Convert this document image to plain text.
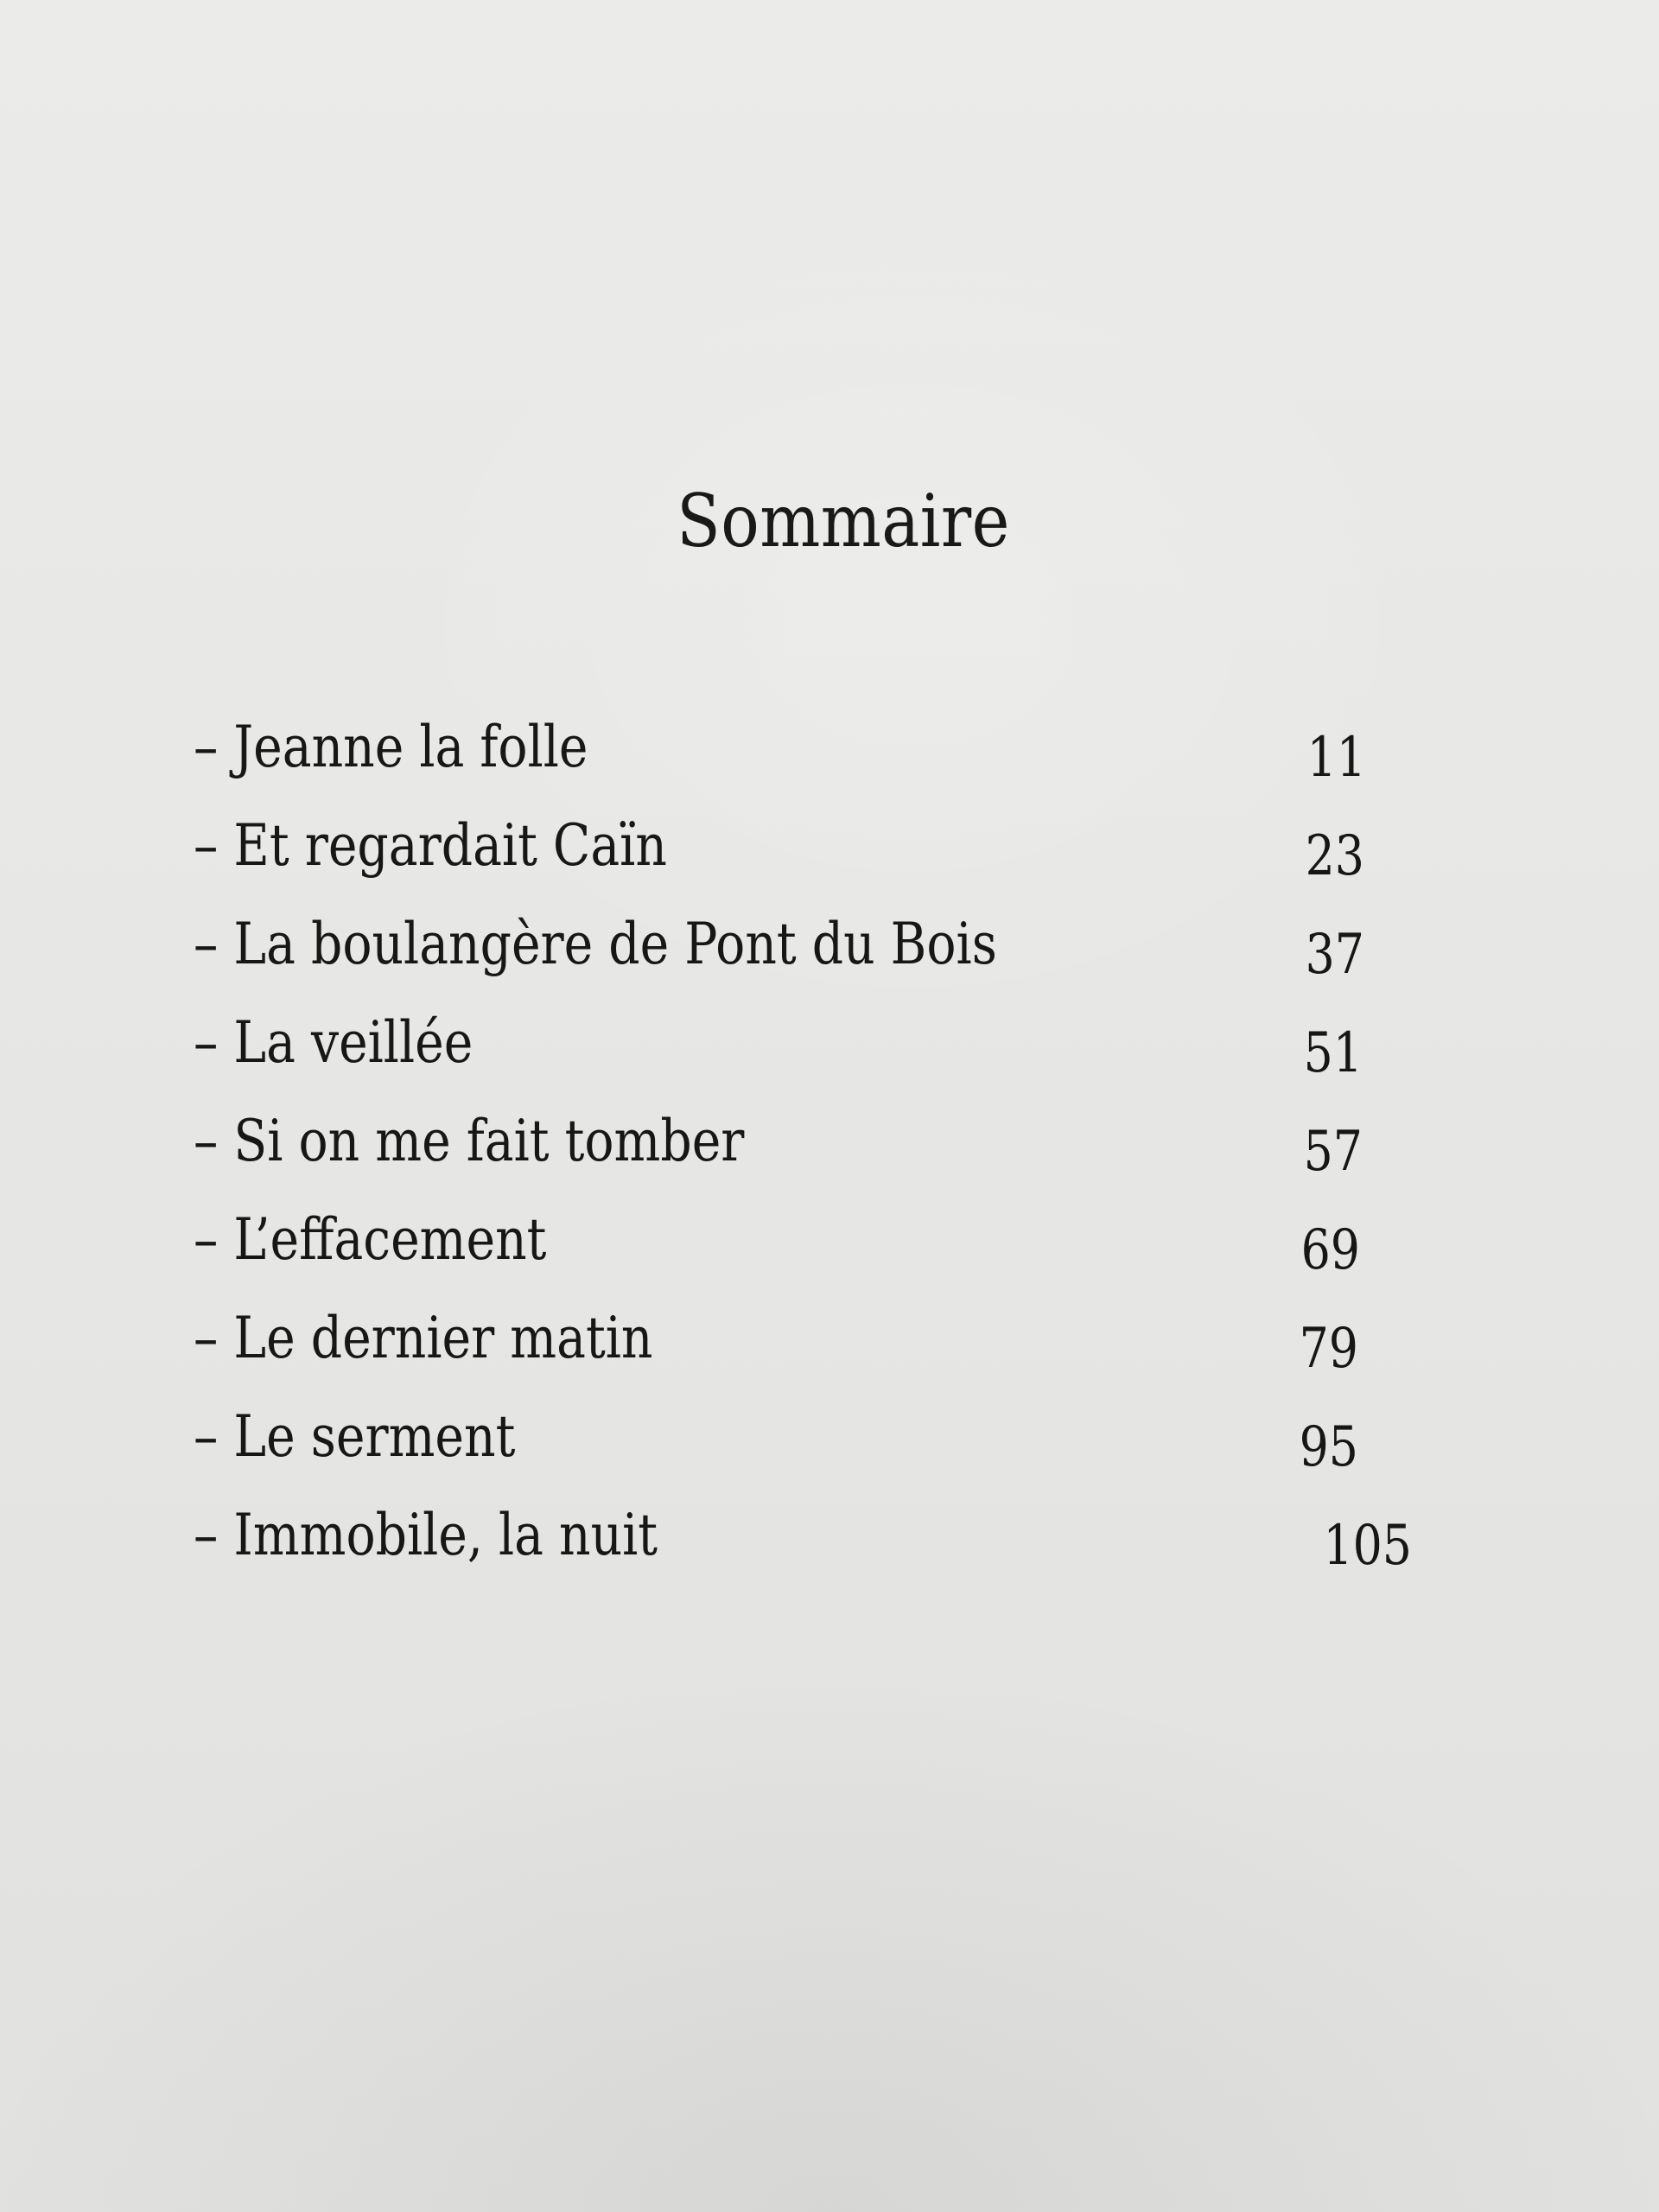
Sommaire
– Jeanne la folle	11
– Et regardait Caïn	23
– La boulangère de Pont du Bois	37
– La veillée	51
– Si on me fait tomber	57
– L’effacement	69
– Le dernier matin	79
– Le serment	95
– Immobile, la nuit	105
